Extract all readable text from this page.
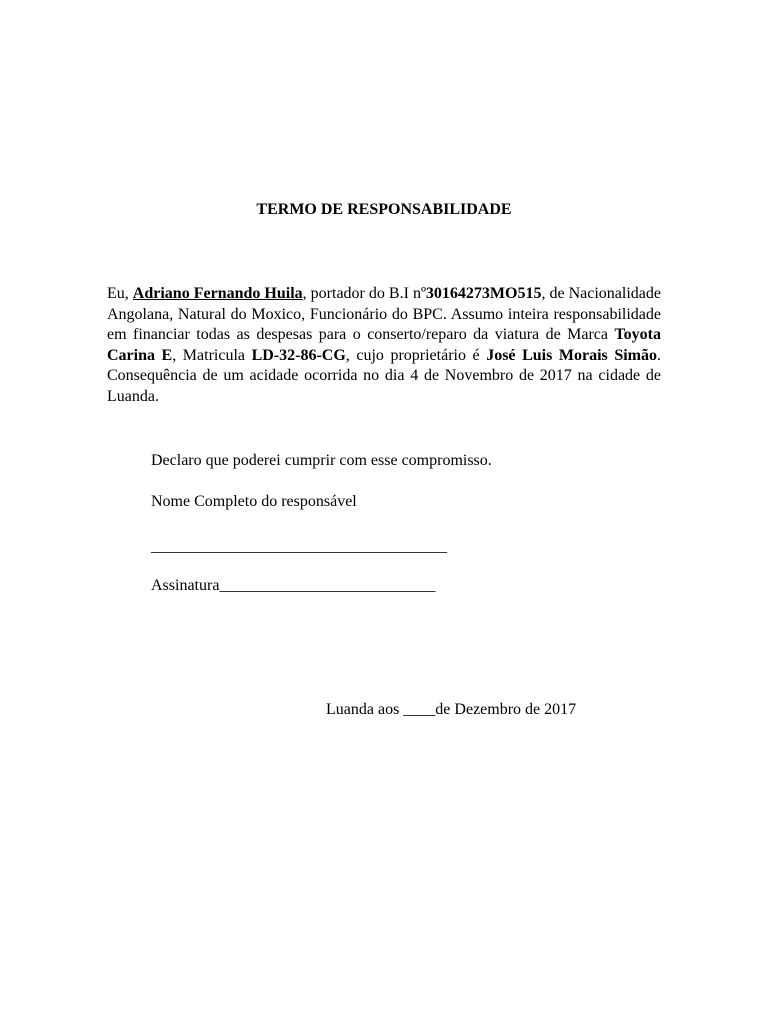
TERMO DE RESPONSABILIDADE

Eu, Adriano Fernando Huila, portador do B.I nº30164273MO515, de Nacionalidade Angolana, Natural do Moxico, Funcionário do BPC. Assumo inteira responsabilidade em financiar todas as despesas para o conserto/reparo da viatura de Marca Toyota Carina E, Matricula LD-32-86-CG, cujo proprietário é José Luis Morais Simão. Consequência de um acidade ocorrida no dia 4 de Novembro de 2017 na cidade de Luanda.

Declaro que poderei cumprir com esse compromisso.
Nome Completo do responsável
_____________________________________
Assinatura___________________________
Luanda aos ____de Dezembro de 2017
